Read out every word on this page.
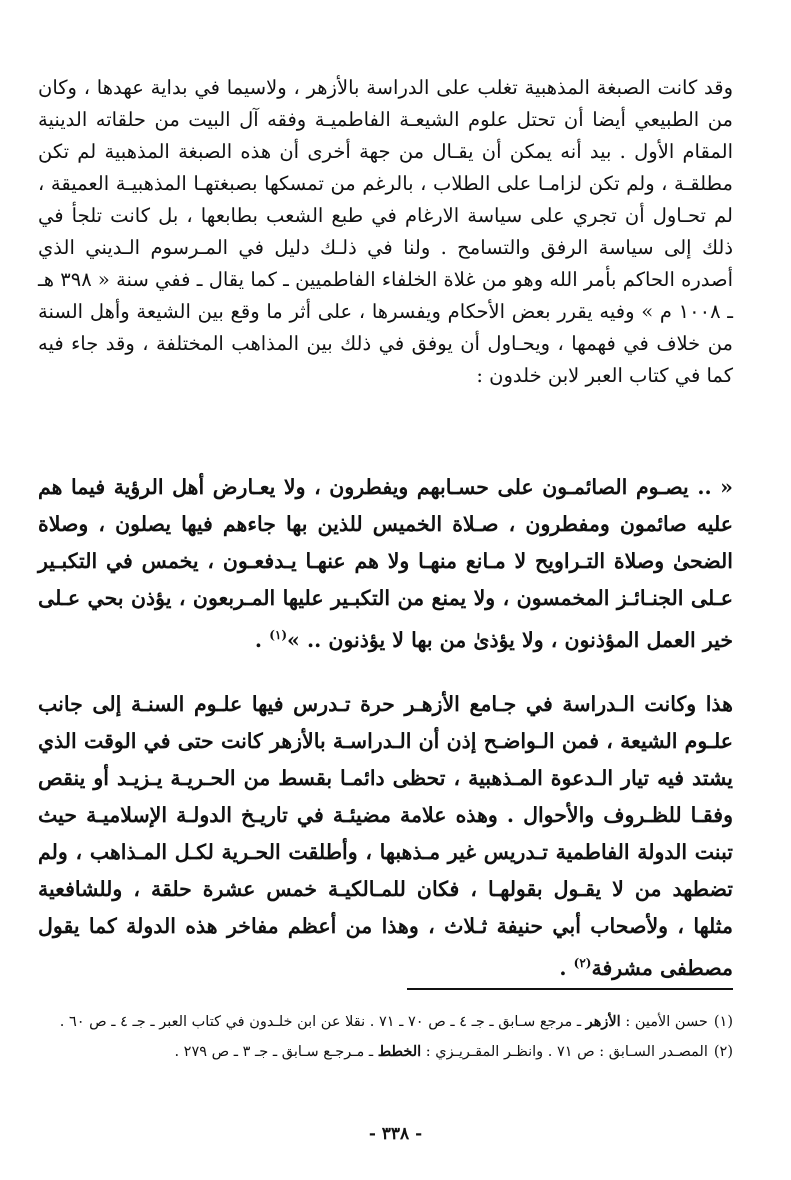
وقد كانت الصبغة المذهبية تغلب على الدراسة بالأزهر ، ولاسيما في بداية عهدها ، وكان من الطبيعي أيضا أن تحتل علوم الشيعـة الفاطميـة وفقه آل البيت من حلقاته الدينية المقام الأول . بيد أنه يمكن أن يقـال من جهة أخرى أن هذه الصبغة المذهبية لم تكن مطلقـة ، ولم تكن لزامـا على الطلاب ، بالرغم من تمسكها بصبغتهـا المذهبيـة العميقة ، لم تحـاول أن تجري على سياسة الارغام في طبع الشعب بطابعها ، بل كانت تلجأ في ذلك إلى سياسة الرفق والتسامح . ولنا في ذلـك دليل في المـرسوم الـديني الذي أصدره الحاكم بأمر الله وهو من غلاة الخلفاء الفاطميين ـ كما يقال ـ ففي سنة « ٣٩٨ هـ ـ ١٠٠٨ م » وفيه يقرر بعض الأحكام ويفسرها ، على أثر ما وقع بين الشيعة وأهل السنة من خلاف في فهمها ، ويحـاول أن يوفق في ذلك بين المذاهب المختلفة ، وقد جاء فيه كما في كتاب العبر لابن خلدون :

« .. يصـوم الصائمـون على حسـابهم ويفطرون ، ولا يعـارض أهل الرؤية فيما هم عليه صائمون ومفطرون ، صـلاة الخميس للذين بها جاءهم فيها يصلون ، وصلاة الضحىٰ وصلاة التـراويح لا مـانع منهـا ولا هم عنهـا يـدفعـون ، يخمس في التكبـير عـلى الجنـائـز المخمسون ، ولا يمنع من التكبـير عليها المـربعون ، يؤذن بحي عـلى خير العمل المؤذنون ، ولا يؤذىٰ من بها لا يؤذنون .. »$^{(١)}$ .

هذا وكانت الـدراسة في جـامع الأزهـر حرة تـدرس فيها علـوم السنـة إلى جانب علـوم الشيعة ، فمن الـواضـح إذن أن الـدراسـة بالأزهر كانت حتى في الوقت الذي يشتد فيه تيار الـدعوة المـذهبية ، تحظى دائمـا بقسط من الحـريـة يـزيـد أو ينقص وفقـا للظـروف والأحوال . وهذه علامة مضيئـة في تاريـخ الدولـة الإسلاميـة حيث تبنت الدولة الفاطمية تـدريس غير مـذهبها ، وأطلقت الحـرية لكـل المـذاهب ، ولم تضطهد من لا يقـول بقولهـا ، فكان للمـالكيـة خمس عشرة حلقة ، وللشافعية مثلها ، ولأصحاب أبي حنيفة ثـلاث ، وهذا من أعظم مفاخر هذه الدولة كما يقول مصطفى مشرفة$^{(٢)}$ .

(١)حسن الأمين : الأزهر ـ مرجع سـابق ـ جـ ٤ ـ ص ٧٠ ـ ٧١ . نقلا عن ابن خلـدون في كتاب العبر ـ جـ ٤ ـ ص ٦٠ .

(٢)المصـدر السـابق : ص ٧١ . وانظـر المقـريـزي : الخطط ـ مـرجـع سـابق ـ جـ ٣ ـ ص ٢٧٩ .

- ٣٣٨ -
